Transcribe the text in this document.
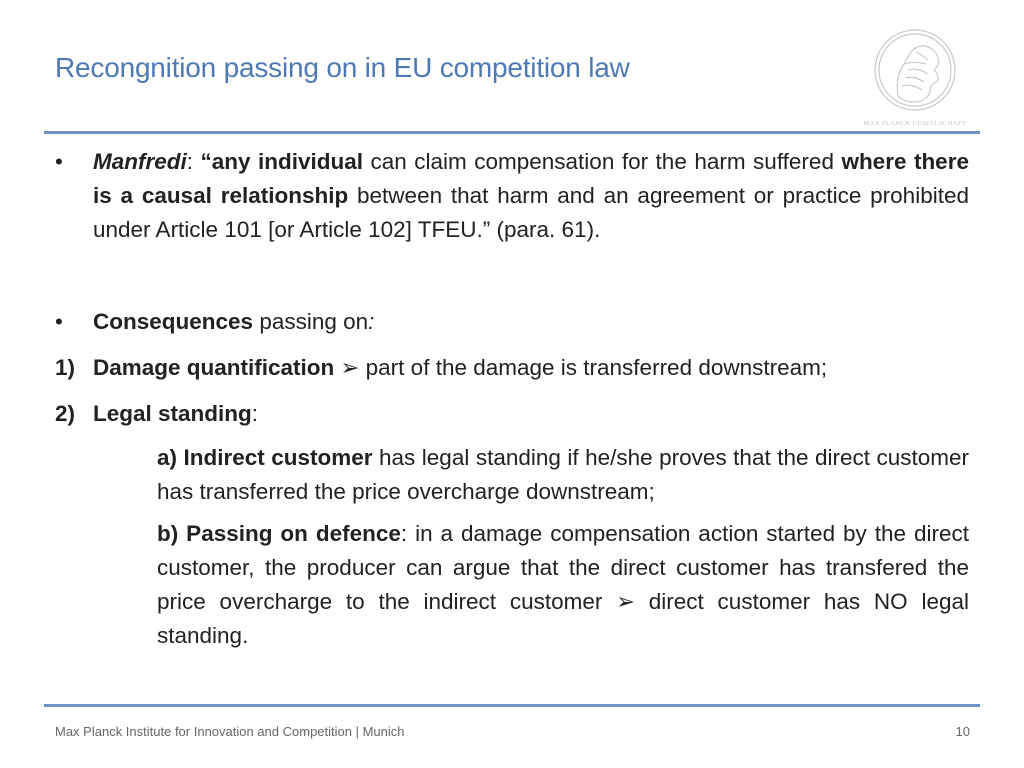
Recongnition passing on in EU competition law
MAX PLANCK GESELLSCHAFT
• Manfredi: “any individual can claim compensation for the harm suffered where there is a causal relationship between that harm and an agreement or practice prohibited under Article 101 [or Article 102] TFEU.” (para. 61).
• Consequences passing on:
1) Damage quantification ➢ part of the damage is transferred downstream;
2) Legal standing:
a) Indirect customer has legal standing if he/she proves that the direct customer has transferred the price overcharge downstream;
b) Passing on defence: in a damage compensation action started by the direct customer, the producer can argue that the direct customer has transfered the price overcharge to the indirect customer ➢ direct customer has NO legal standing.
Max Planck Institute for Innovation and Competition | Munich	10
